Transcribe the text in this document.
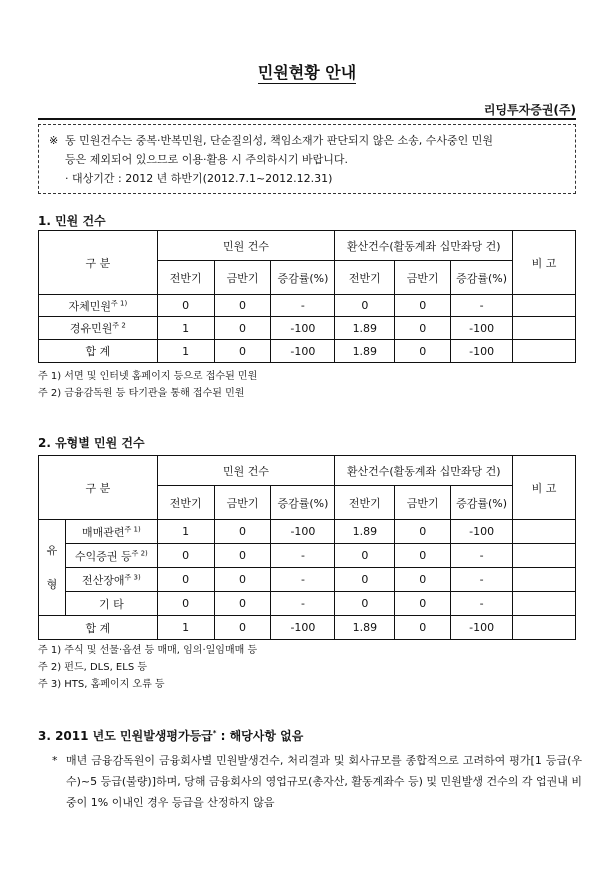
민원현황 안내
리딩투자증권(주)
※ 동 민원건수는 중복·반복민원, 단순질의성, 책임소재가 판단되지 않은 소송, 수사중인 민원
등은 제외되어 있으므로 이용·활용 시 주의하시기 바랍니다.
· 대상기간 : 2012 년 하반기(2012.7.1~2012.12.31)
1. 민원 건수
구 분	민원 건수			환산건수(활동계좌 십만좌당 건)			비 고
	전반기	금반기	증감률(%)	전반기	금반기	증감률(%)	
자체민원$^{주 1)}$	0	0	-	0	0	-	
경유민원$^{주 2}$	1	0	-100	1.89	0	-100	
합 계	1	0	-100	1.89	0	-100	
주 1) 서면 및 인터넷 홈페이지 등으로 접수된 민원
주 2) 금융감독원 등 타기관을 통해 접수된 민원
2. 유형별 민원 건수
구 분		민원 건수			환산건수(활동계좌 십만좌당 건)			비 고
		전반기	금반기	증감률(%)	전반기	금반기	증감률(%)	

유
형	매매관련$^{주 1)}$	1	0	-100	1.89	0	-100	
	수익증권 등$^{주 2)}$	0	0	-	0	0	-	
	전산장애$^{주 3)}$	0	0	-	0	0	-	
	기 타	0	0	-	0	0	-	
합 계		1	0	-100	1.89	0	-100	
주 1) 주식 및 선물·옵션 등 매매, 임의·일임매매 등
주 2) 펀드, DLS, ELS 등
주 3) HTS, 홈페이지 오류 등
3. 2011 년도 민원발생평가등급* : 해당사항 없음
* 매년 금융감독원이 금융회사별 민원발생건수, 처리결과 및 회사규모를 종합적으로 고려하여 평가[1 등급(우수)~5 등급(불량)]하며, 당해 금융회사의 영업규모(총자산, 활동계좌수 등) 및 민원발생 건수의 각 업권내 비중이 1% 이내인 경우 등급을 산정하지 않음
